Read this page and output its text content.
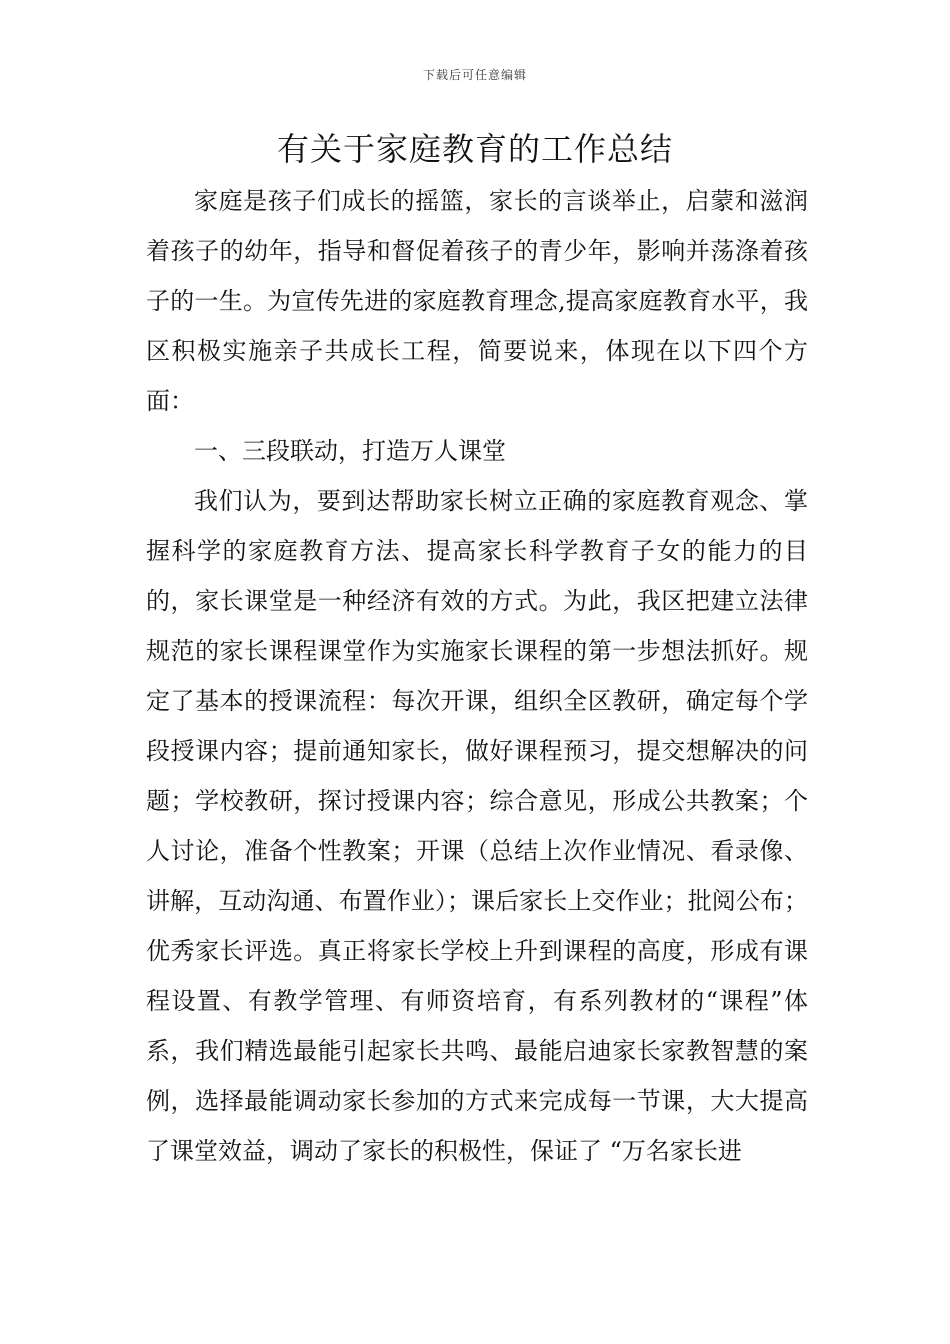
下载后可任意编辑
有关于家庭教育的工作总结

家庭是孩子们成长的摇篮，家长的言谈举止，启蒙和滋润着孩子的幼年，指导和督促着孩子的青少年，影响并荡涤着孩子的一生。为宣传先进的家庭教育理念,提高家庭教育水平，我区积极实施亲子共成长工程，简要说来，体现在以下四个方面：

一、三段联动，打造万人课堂

我们认为，要到达帮助家长树立正确的家庭教育观念、掌握科学的家庭教育方法、提高家长科学教育子女的能力的目的，家长课堂是一种经济有效的方式。为此，我区把建立法律规范的家长课程课堂作为实施家长课程的第一步想法抓好。规定了基本的授课流程：每次开课，组织全区教研，确定每个学段授课内容；提前通知家长，做好课程预习，提交想解决的问题；学校教研，探讨授课内容；综合意见，形成公共教案；个人讨论，准备个性教案；开课（总结上次作业情况、看录像、讲解，互动沟通、布置作业）；课后家长上交作业；批阅公布；优秀家长评选。真正将家长学校上升到课程的高度，形成有课程设置、有教学管理、有师资培育，有系列教材的“课程”体系，我们精选最能引起家长共鸣、最能启迪家长家教智慧的案例，选择最能调动家长参加的方式来完成每一节课，大大提高了课堂效益，调动了家长的积极性，保证了 “万名家长进
